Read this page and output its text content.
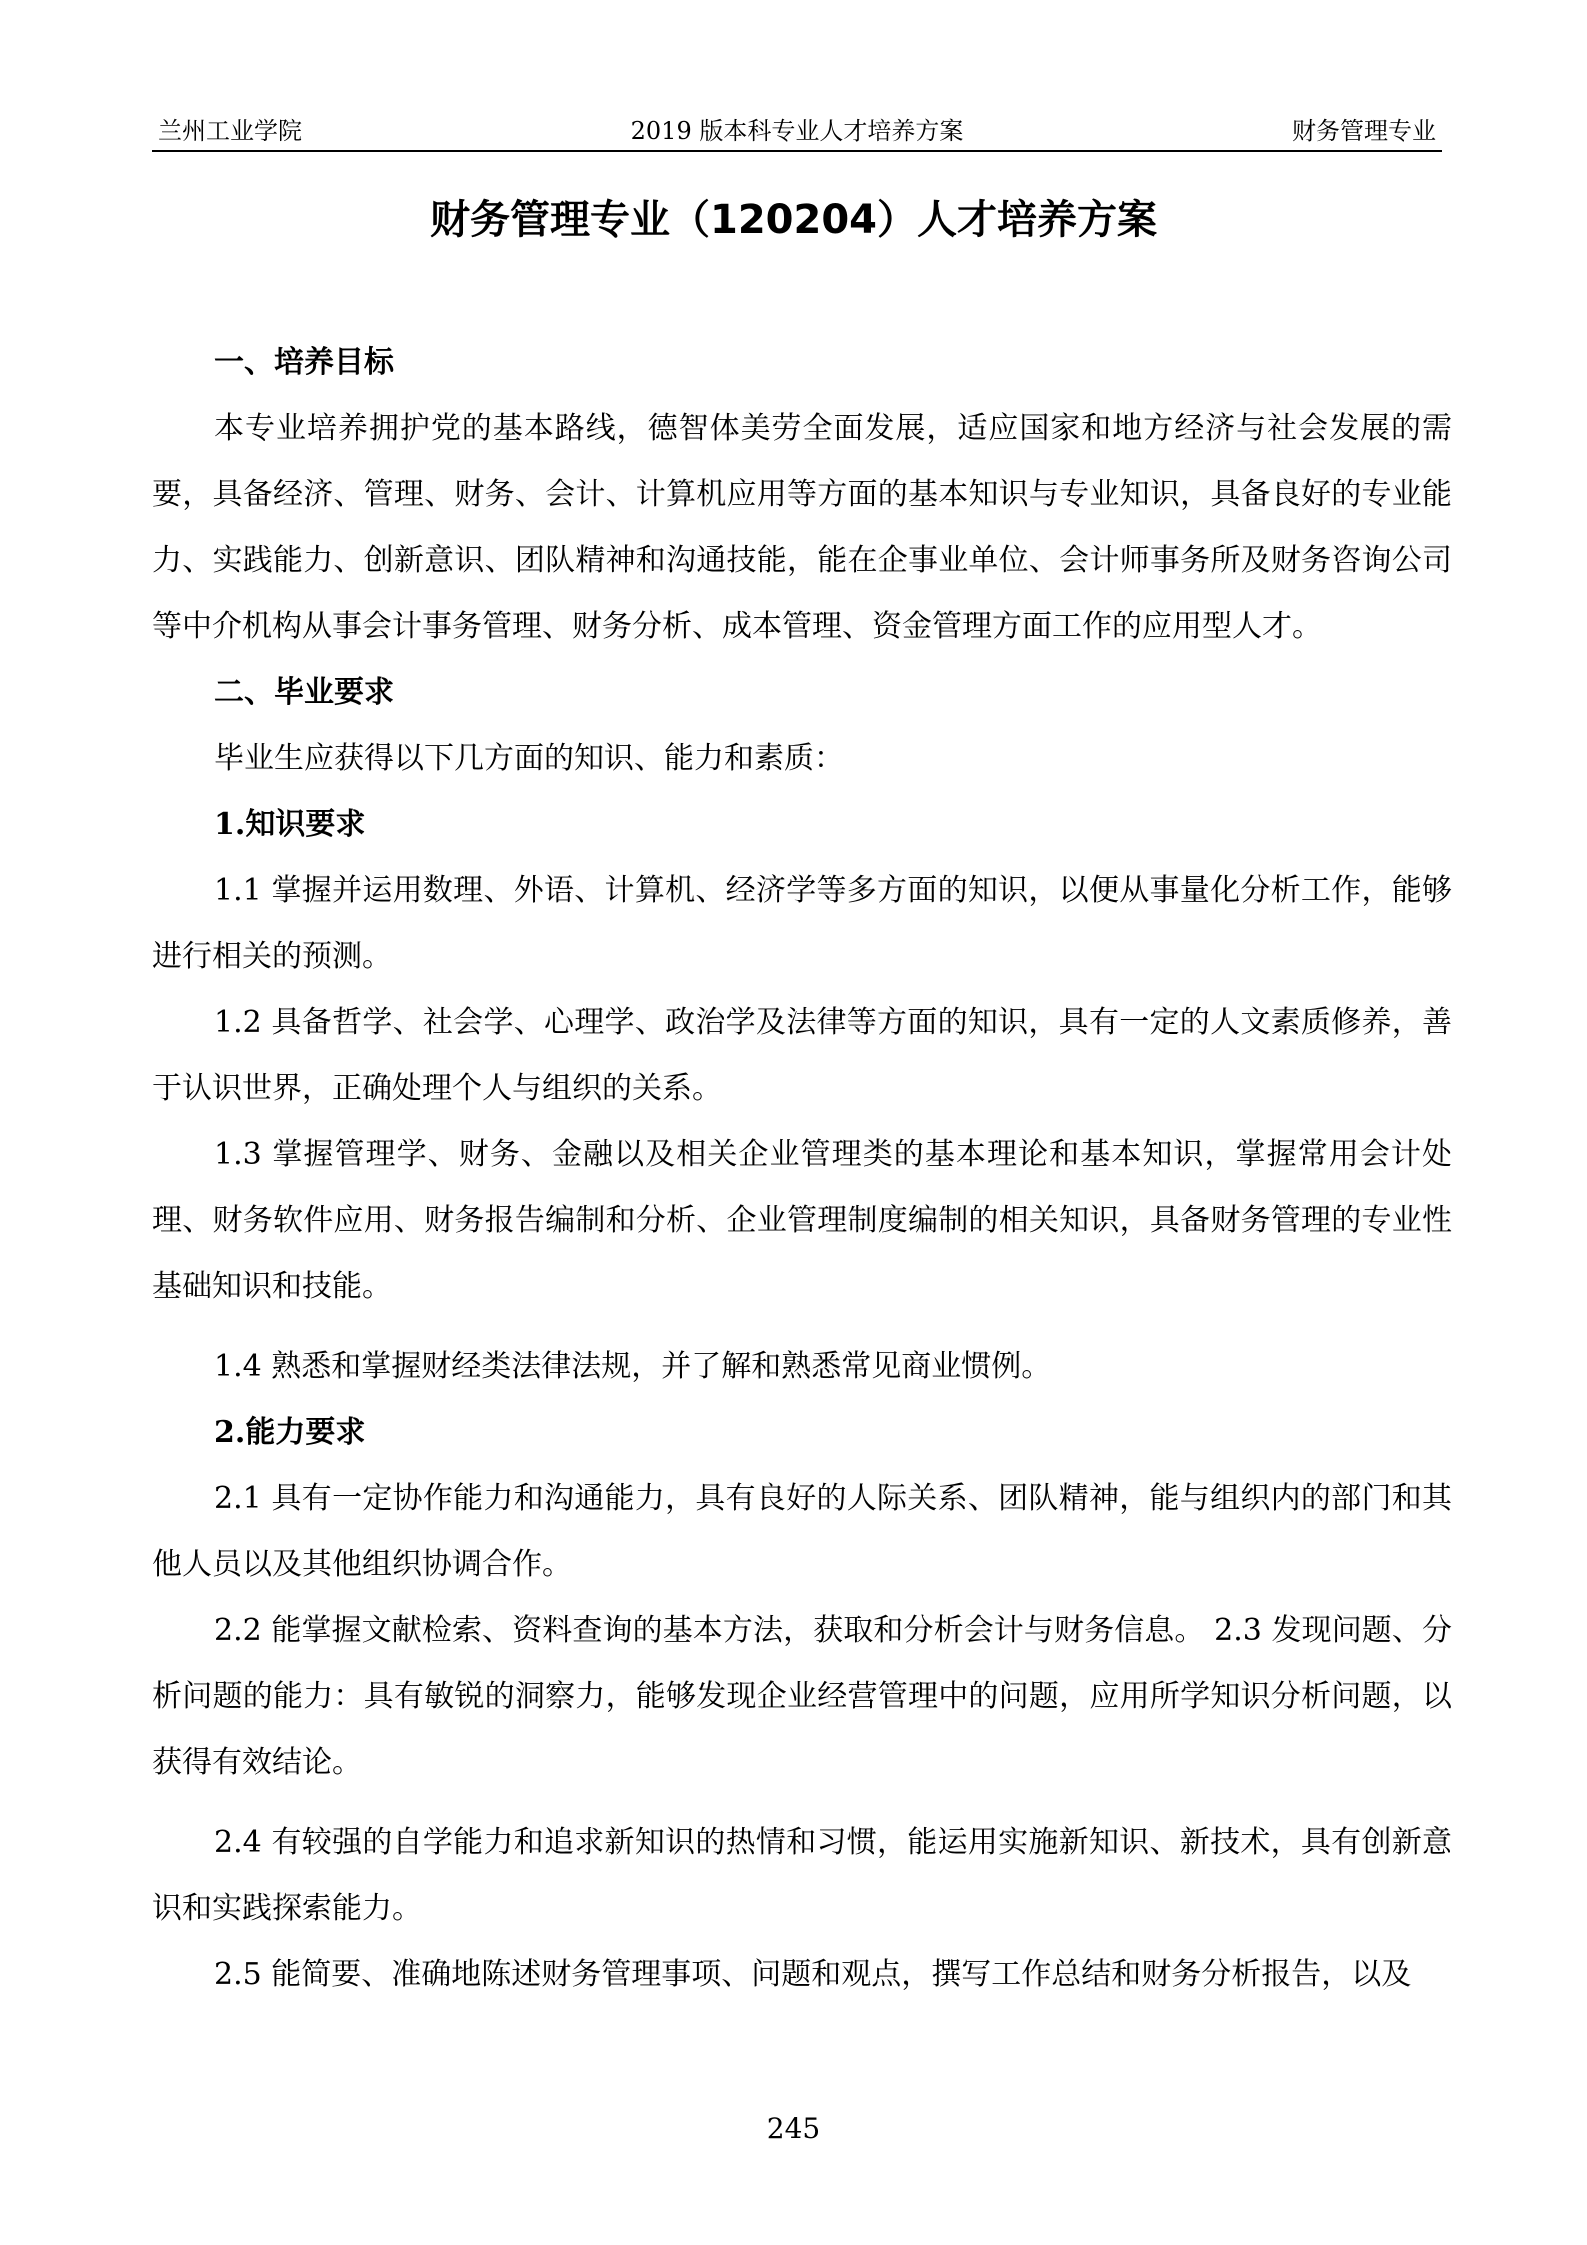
兰州工业学院	2019 版本科专业人才培养方案	财务管理专业
财务管理专业（120204）人才培养方案
一、培养目标

本专业培养拥护党的基本路线，德智体美劳全面发展，适应国家和地方经济与社会发展的需要，具备经济、管理、财务、会计、计算机应用等方面的基本知识与专业知识，具备良好的专业能力、实践能力、创新意识、团队精神和沟通技能，能在企事业单位、会计师事务所及财务咨询公司等中介机构从事会计事务管理、财务分析、成本管理、资金管理方面工作的应用型人才。

二、毕业要求

毕业生应获得以下几方面的知识、能力和素质：

1.知识要求

1.1 掌握并运用数理、外语、计算机、经济学等多方面的知识，以便从事量化分析工作，能够进行相关的预测。

1.2 具备哲学、社会学、心理学、政治学及法律等方面的知识，具有一定的人文素质修养，善于认识世界，正确处理个人与组织的关系。

1.3 掌握管理学、财务、金融以及相关企业管理类的基本理论和基本知识，掌握常用会计处理、财务软件应用、财务报告编制和分析、企业管理制度编制的相关知识，具备财务管理的专业性基础知识和技能。

1.4 熟悉和掌握财经类法律法规，并了解和熟悉常见商业惯例。

2.能力要求

2.1 具有一定协作能力和沟通能力，具有良好的人际关系、团队精神，能与组织内的部门和其他人员以及其他组织协调合作。

2.2 能掌握文献检索、资料查询的基本方法，获取和分析会计与财务信息。 2.3 发现问题、分析问题的能力：具有敏锐的洞察力，能够发现企业经营管理中的问题，应用所学知识分析问题，以获得有效结论。

2.4 有较强的自学能力和追求新知识的热情和习惯，能运用实施新知识、新技术，具有创新意识和实践探索能力。

2.5 能简要、准确地陈述财务管理事项、问题和观点，撰写工作总结和财务分析报告，以及

245
